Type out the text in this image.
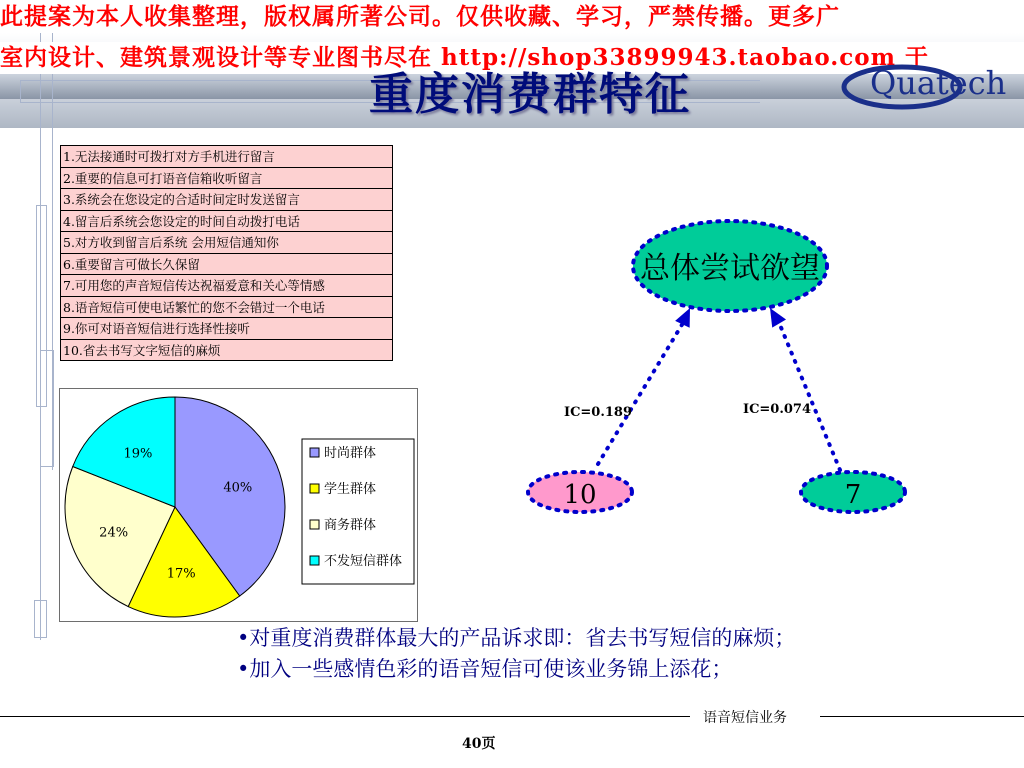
此提案为本人收集整理，版权属所著公司。仅供收藏、学习，严禁传播。更多广
室内设计、建筑景观设计等专业图书尽在 http://shop33899943.taobao.com 于
Quatech
重度消费群特征
1.无法接通时可拨打对方手机进行留言
2.重要的信息可打语音信箱收听留言
3.系统会在您设定的合适时间定时发送留言
4.留言后系统会您设定的时间自动拨打电话
5.对方收到留言后系统 会用短信通知你
6.重要留言可做长久保留
7.可用您的声音短信传达祝福爱意和关心等情感
8.语音短信可使电话繁忙的您不会错过一个电话
9.你可对语音短信进行选择性接听
10.省去书写文字短信的麻烦
40%
17%
24%
19%	时尚群体
学生群体
商务群体
不发短信群体
总体尝试欲望
10	7
IC=0.189	IC=0.074
•对重度消费群体最大的产品诉求即：省去书写短信的麻烦；
•加入一些感情色彩的语音短信可使该业务锦上添花；
语音短信业务
40页
